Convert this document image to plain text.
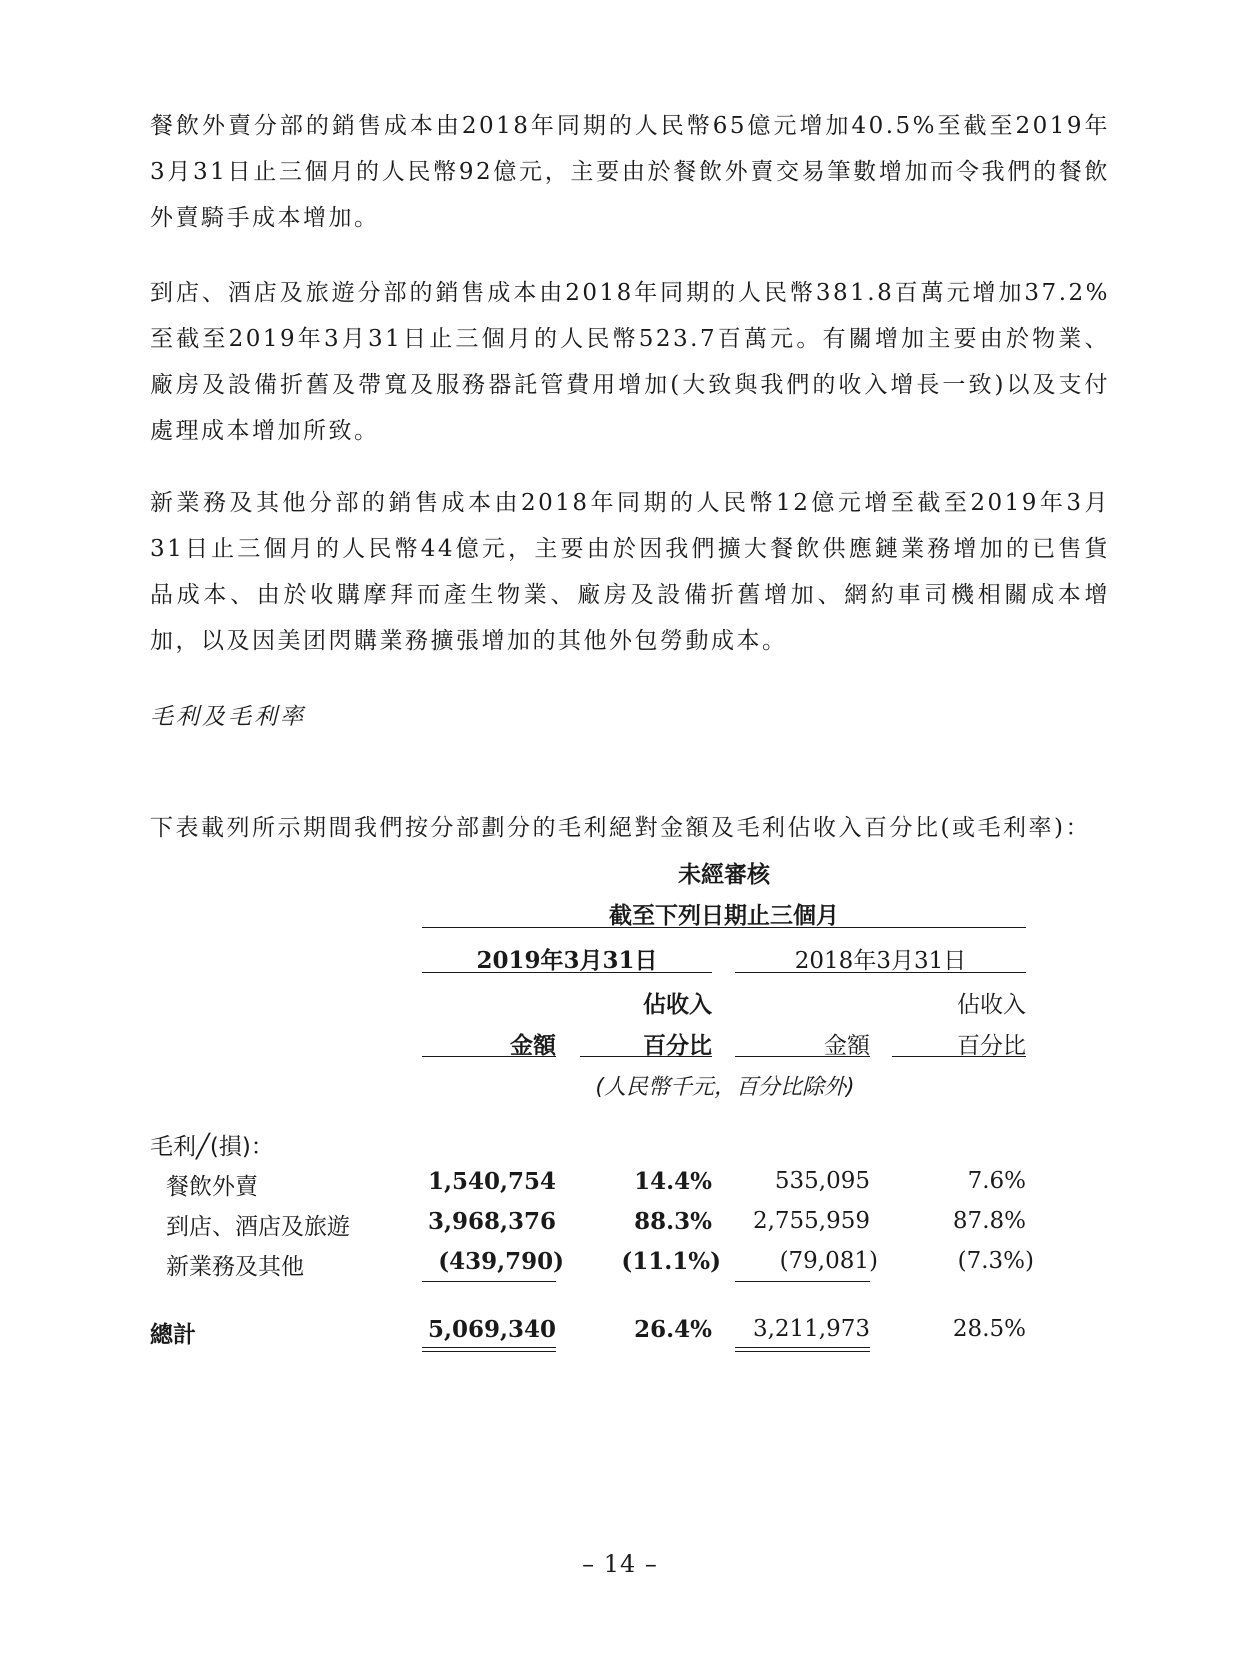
餐飲外賣分部的銷售成本由2018年同期的人民幣65億元增加40.5%至截至2019年3月31日止三個月的人民幣92億元，主要由於餐飲外賣交易筆數增加而令我們的餐飲外賣騎手成本增加。

到店、酒店及旅遊分部的銷售成本由2018年同期的人民幣381.8百萬元增加37.2%至截至2019年3月31日止三個月的人民幣523.7百萬元。有關增加主要由於物業、廠房及設備折舊及帶寬及服務器託管費用增加(大致與我們的收入增長一致)以及支付處理成本增加所致。

新業務及其他分部的銷售成本由2018年同期的人民幣12億元增至截至2019年3月31日止三個月的人民幣44億元，主要由於因我們擴大餐飲供應鏈業務增加的已售貨品成本、由於收購摩拜而產生物業、廠房及設備折舊增加、網約車司機相關成本增加，以及因美团閃購業務擴張增加的其他外包勞動成本。

毛利及毛利率

下表載列所示期間我們按分部劃分的毛利絕對金額及毛利佔收入百分比(或毛利率)：

未經審核
截至下列日期止三個月
2019年3月31日	2018年3月31日
佔收入	佔收入
金額	百分比	金額	百分比
(人民幣千元，百分比除外)
毛利╱(損)：
餐飲外賣	1,540,754	14.4%	535,095	7.6%
到店、酒店及旅遊	3,968,376	88.3%	2,755,959	87.8%
新業務及其他	(439,790)	(11.1%)	(79,081)	(7.3%)
總計	5,069,340	26.4%	3,211,973	28.5%
– 14 –
